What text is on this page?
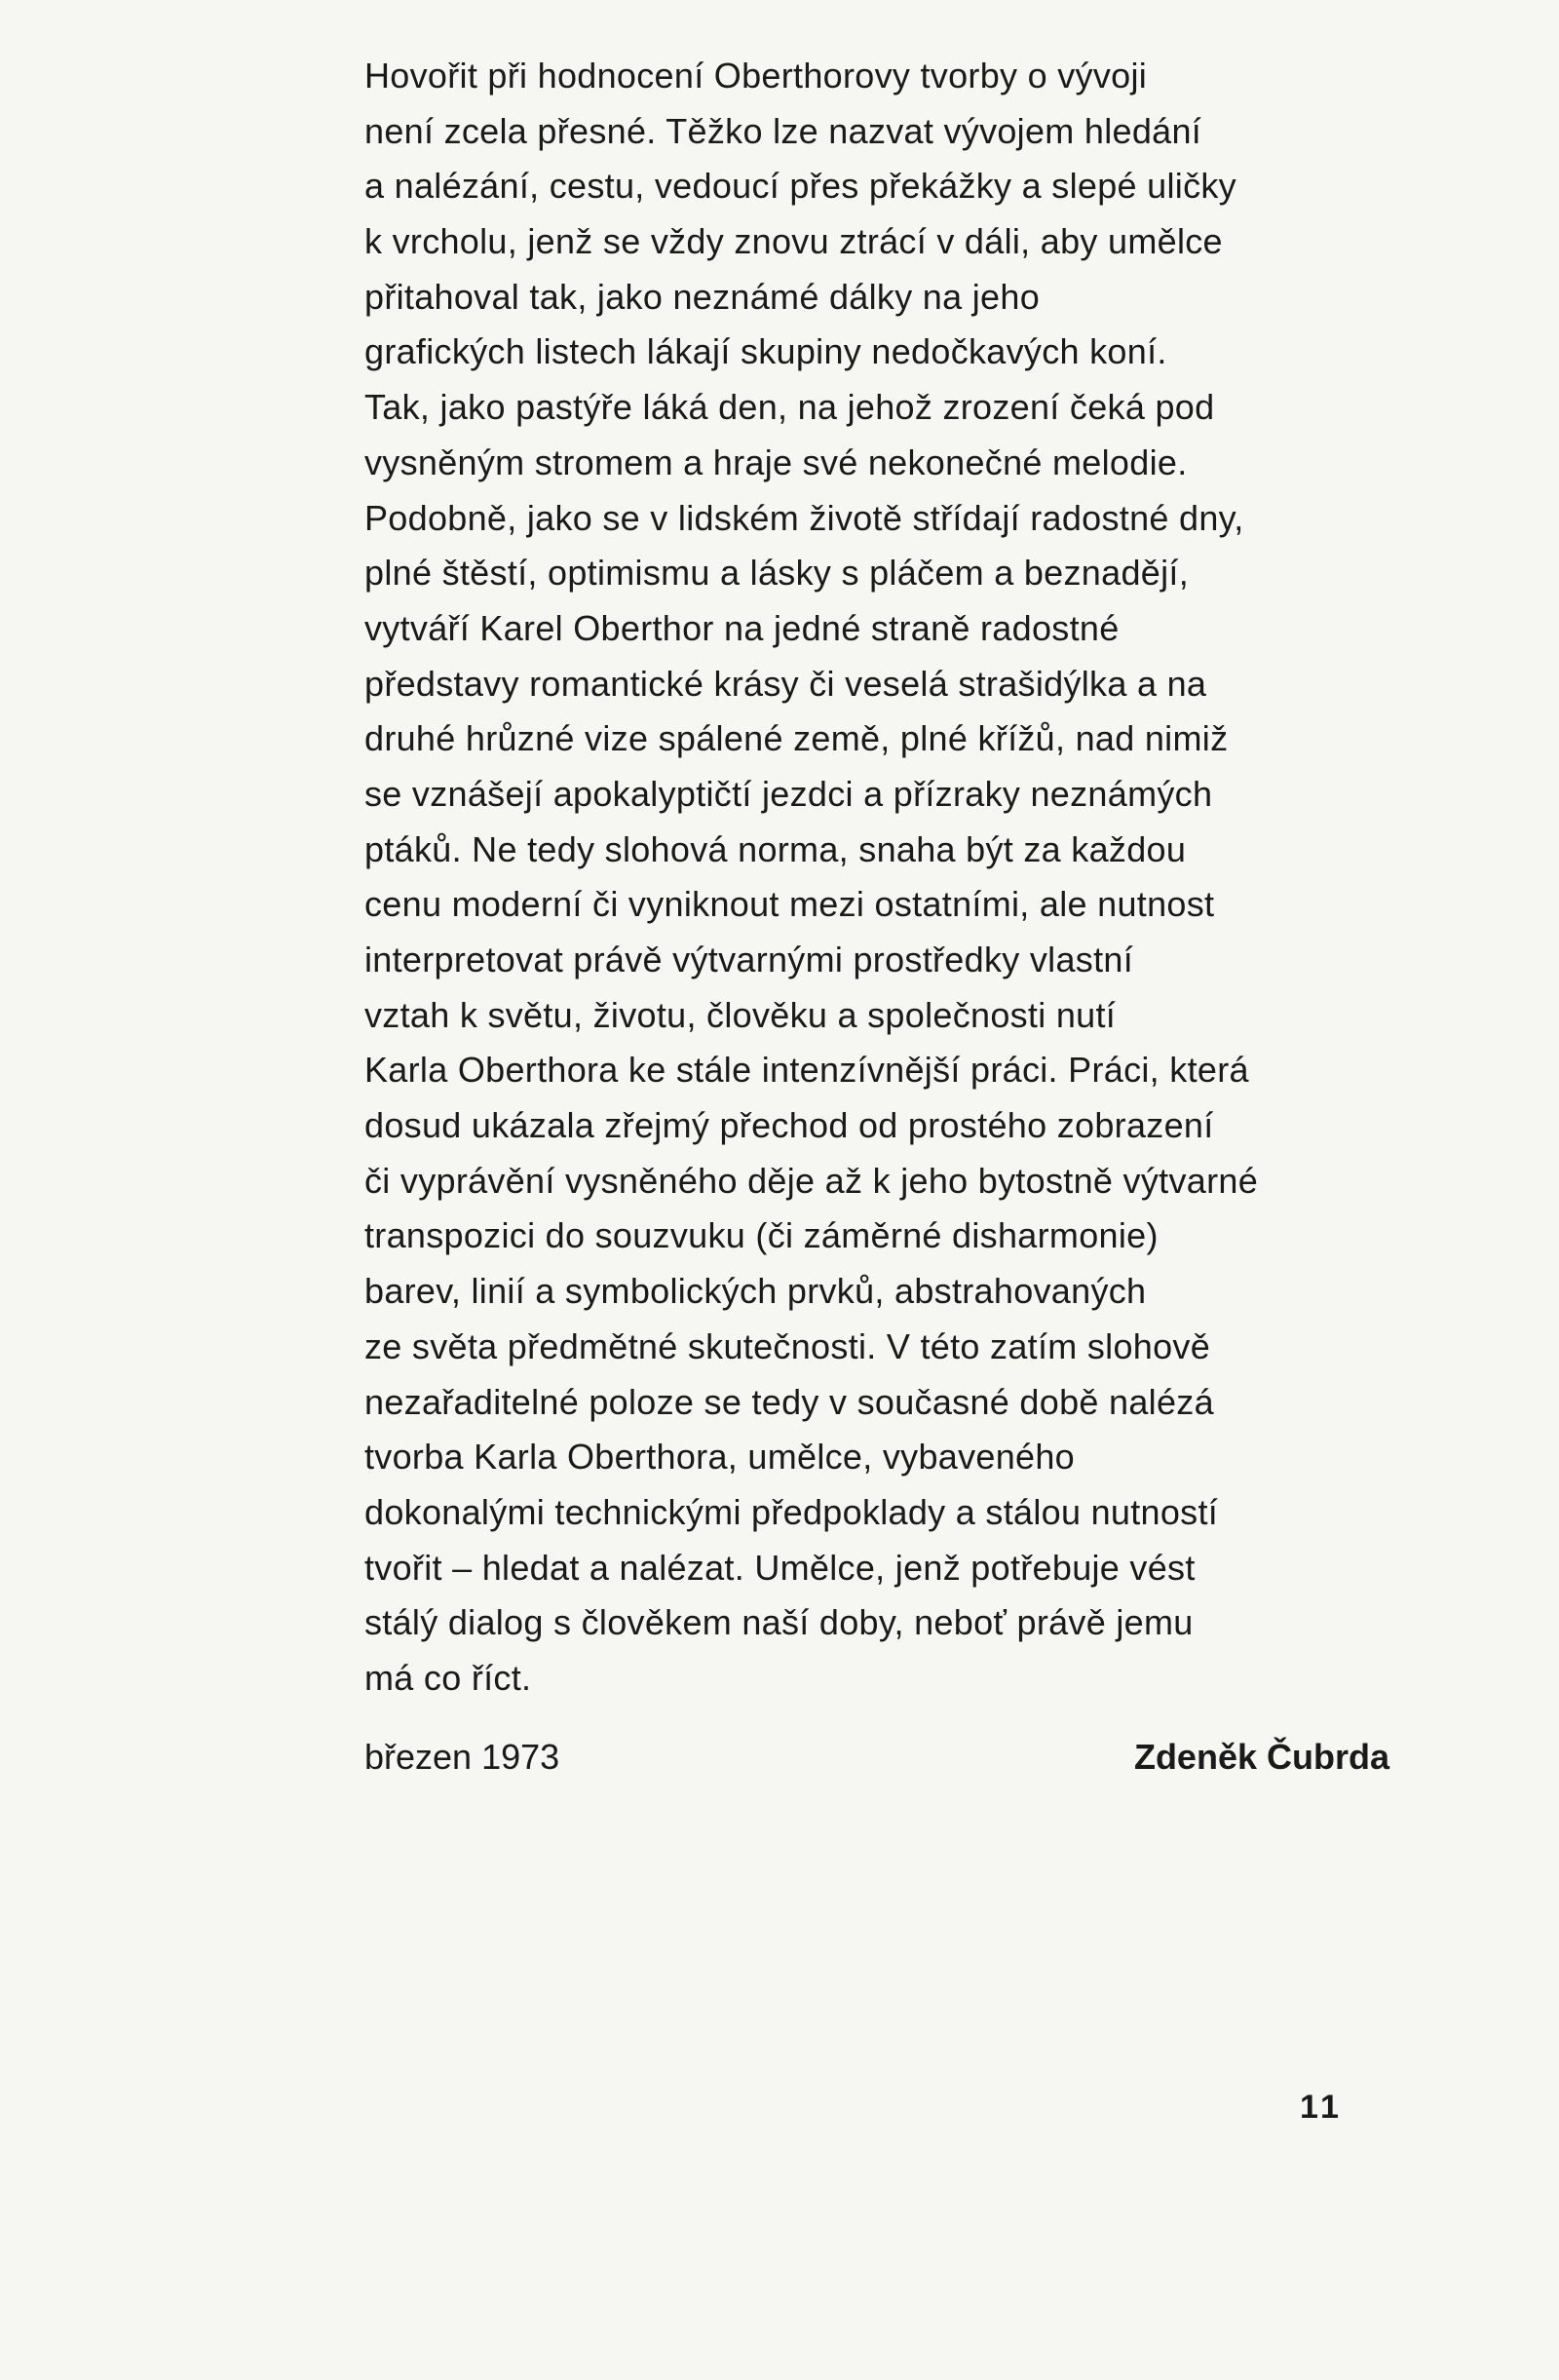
Hovořit při hodnocení Oberthorovy tvorby o vývoji
není zcela přesné. Těžko lze nazvat vývojem hledání
a nalézání, cestu, vedoucí přes překážky a slepé uličky
k vrcholu, jenž se vždy znovu ztrácí v dáli, aby umělce
přitahoval tak, jako neznámé dálky na jeho
grafických listech lákají skupiny nedočkavých koní.
Tak, jako pastýře láká den, na jehož zrození čeká pod
vysněným stromem a hraje své nekonečné melodie.
Podobně, jako se v lidském životě střídají radostné dny,
plné štěstí, optimismu a lásky s pláčem a beznadějí,
vytváří Karel Oberthor na jedné straně radostné
představy romantické krásy či veselá strašidýlka a na
druhé hrůzné vize spálené země, plné křížů, nad nimiž
se vznášejí apokalyptičtí jezdci a přízraky neznámých
ptáků. Ne tedy slohová norma, snaha být za každou
cenu moderní či vyniknout mezi ostatními, ale nutnost
interpretovat právě výtvarnými prostředky vlastní
vztah k světu, životu, člověku a společnosti nutí
Karla Oberthora ke stále intenzívnější práci. Práci, která
dosud ukázala zřejmý přechod od prostého zobrazení
či vyprávění vysněného děje až k jeho bytostně výtvarné
transpozici do souzvuku (či záměrné disharmonie)
barev, linií a symbolických prvků, abstrahovaných
ze světa předmětné skutečnosti. V této zatím slohově
nezařaditelné poloze se tedy v současné době nalézá
tvorba Karla Oberthora, umělce, vybaveného
dokonalými technickými předpoklady a stálou nutností
tvořit – hledat a nalézat. Umělce, jenž potřebuje vést
stálý dialog s člověkem naší doby, neboť právě jemu
má co říct.
březen 1973	Zdeněk Čubrda
11
